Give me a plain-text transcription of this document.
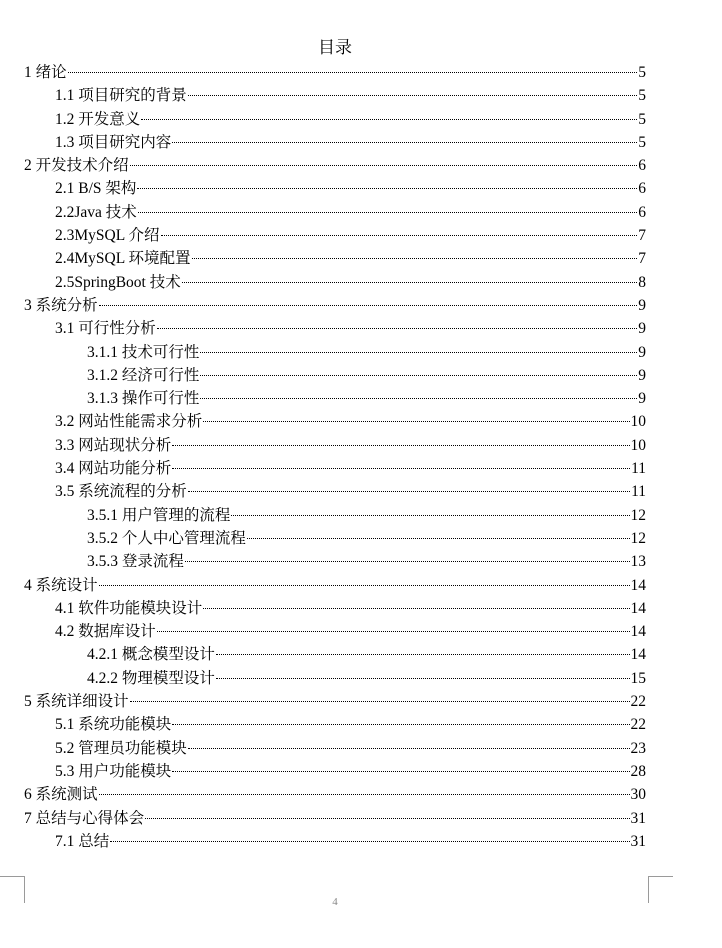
目录
1 绪论	5
1.1 项目研究的背景	5
1.2 开发意义	5
1.3 项目研究内容	5
2 开发技术介绍	6
2.1 B/S 架构	6
2.2Java 技术	6
2.3MySQL 介绍	7
2.4MySQL 环境配置	7
2.5SpringBoot 技术	8
3 系统分析	9
3.1 可行性分析	9
3.1.1 技术可行性	9
3.1.2 经济可行性	9
3.1.3 操作可行性	9
3.2 网站性能需求分析	10
3.3 网站现状分析	10
3.4 网站功能分析	11
3.5 系统流程的分析	11
3.5.1 用户管理的流程	12
3.5.2 个人中心管理流程	12
3.5.3 登录流程	13
4 系统设计	14
4.1 软件功能模块设计	14
4.2 数据库设计	14
4.2.1 概念模型设计	14
4.2.2 物理模型设计	15
5 系统详细设计	22
5.1 系统功能模块	22
5.2 管理员功能模块	23
5.3 用户功能模块	28
6 系统测试	30
7 总结与心得体会	31
7.1 总结	31
4
